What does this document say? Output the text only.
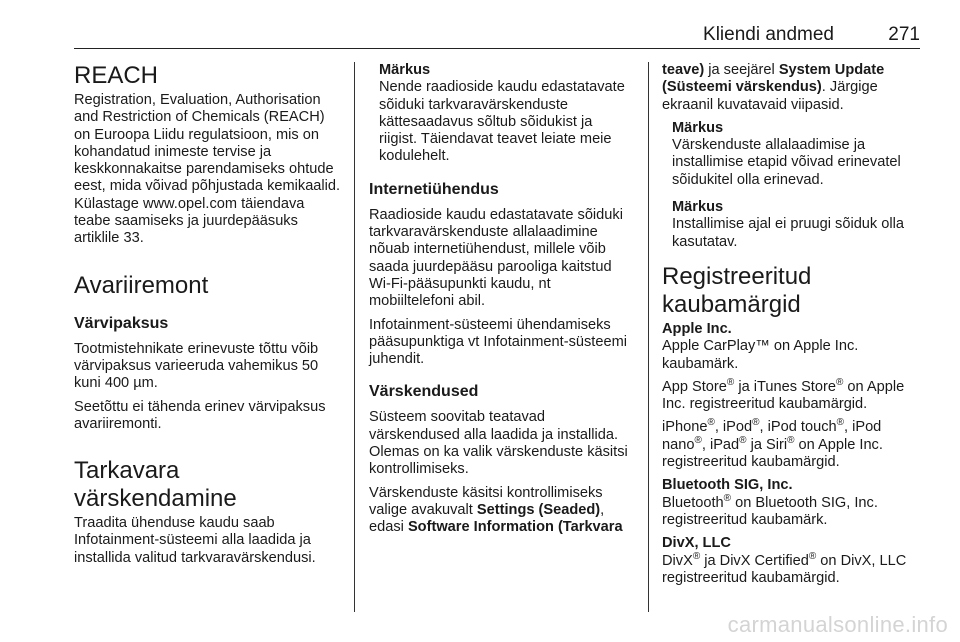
Kliendi andmed	271
REACH

Registration, Evaluation, Authorisation and Restriction of Chemicals (REACH) on Euroopa Liidu regulatsioon, mis on kohandatud inimeste tervise ja keskkonnakaitse parendamiseks ohtude eest, mida võivad põhjustada kemikaalid. Külastage www.opel.com täiendava teabe saamiseks ja juurdepääsuks artiklile 33.

Avariiremont
Värvipaksus

Tootmistehnikate erinevuste tõttu võib värvipaksus varieeruda vahemikus 50 kuni 400 µm.

Seetõttu ei tähenda erinev värvipaksus avariiremonti.

Tarkavara värskendamine

Traadita ühenduse kaudu saab Infotainment-süsteemi alla laadida ja installida valitud tarkvaravärskendusi.

Märkus
Nende raadioside kaudu edastatavate sõiduki tarkvaravärskenduste kättesaadavus sõltub sõidukist ja riigist. Täiendavat teavet leiate meie kodulehelt.
Internetiühendus

Raadioside kaudu edastatavate sõiduki tarkvaravärskenduste allalaadimine nõuab internetiühendust, millele võib saada juurdepääsu parooliga kaitstud Wi-Fi-pääsupunkti kaudu, nt mobiiltelefoni abil.

Infotainment-süsteemi ühendamiseks pääsupunktiga vt Infotainment-süsteemi juhendit.

Värskendused

Süsteem soovitab teatavad värskendused alla laadida ja installida. Olemas on ka valik värskenduste käsitsi kontrollimiseks.

Värskenduste käsitsi kontrollimiseks valige avakuvalt Settings (Seaded), edasi Software Information (Tarkvara

teave) ja seejärel System Update (Süsteemi värskendus). Järgige ekraanil kuvatavaid viipasid.

Märkus
Värskenduste allalaadimise ja installimise etapid võivad erinevatel sõidukitel olla erinevad.
Märkus
Installimise ajal ei pruugi sõiduk olla kasutatav.
Registreeritud kaubamärgid
Apple Inc.

Apple CarPlay™ on Apple Inc. kaubamärk.

App Store® ja iTunes Store® on Apple Inc. registreeritud kaubamärgid.

iPhone®, iPod®, iPod touch®, iPod nano®, iPad® ja Siri® on Apple Inc. registreeritud kaubamärgid.

Bluetooth SIG, Inc.

Bluetooth® on Bluetooth SIG, Inc. registreeritud kaubamärk.

DivX, LLC

DivX® ja DivX Certified® on DivX, LLC registreeritud kaubamärgid.

carmanualsonline.info
